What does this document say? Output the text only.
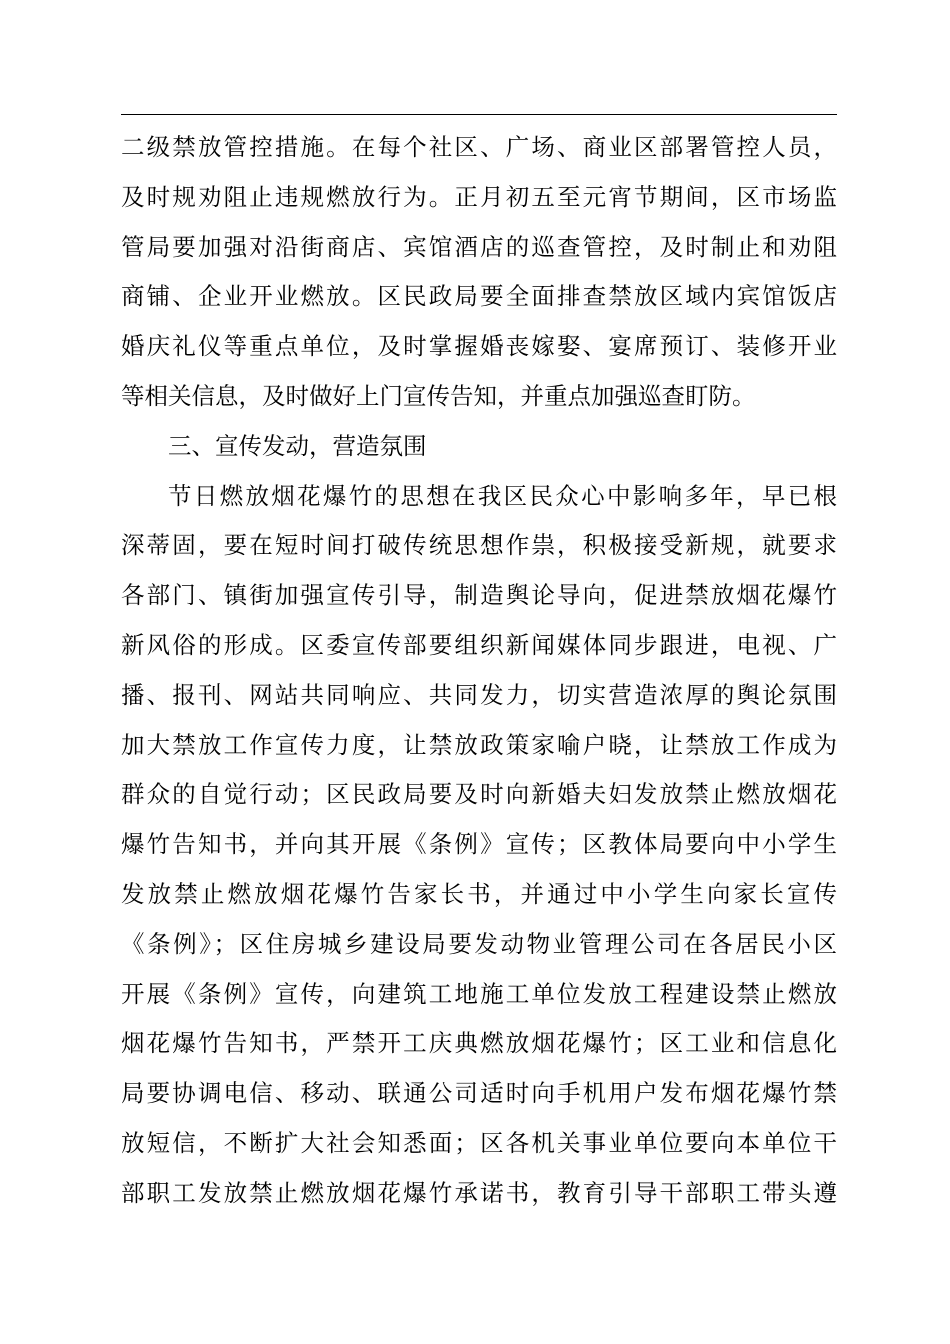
二级禁放管控措施。在每个社区、广场、商业区部署管控人员，
及时规劝阻止违规燃放行为。正月初五至元宵节期间，区市场监
管局要加强对沿街商店、宾馆酒店的巡查管控，及时制止和劝阻
商铺、企业开业燃放。区民政局要全面排查禁放区域内宾馆饭店
婚庆礼仪等重点单位，及时掌握婚丧嫁娶、宴席预订、装修开业
等相关信息，及时做好上门宣传告知，并重点加强巡查盯防。
三、宣传发动，营造氛围
节日燃放烟花爆竹的思想在我区民众心中影响多年，早已根
深蒂固，要在短时间打破传统思想作祟，积极接受新规，就要求
各部门、镇街加强宣传引导，制造舆论导向，促进禁放烟花爆竹
新风俗的形成。区委宣传部要组织新闻媒体同步跟进，电视、广
播、报刊、网站共同响应、共同发力，切实营造浓厚的舆论氛围
加大禁放工作宣传力度，让禁放政策家喻户晓，让禁放工作成为
群众的自觉行动；区民政局要及时向新婚夫妇发放禁止燃放烟花
爆竹告知书，并向其开展《条例》宣传；区教体局要向中小学生
发放禁止燃放烟花爆竹告家长书，并通过中小学生向家长宣传
《条例》；区住房城乡建设局要发动物业管理公司在各居民小区
开展《条例》宣传，向建筑工地施工单位发放工程建设禁止燃放
烟花爆竹告知书，严禁开工庆典燃放烟花爆竹；区工业和信息化
局要协调电信、移动、联通公司适时向手机用户发布烟花爆竹禁
放短信，不断扩大社会知悉面；区各机关事业单位要向本单位干
部职工发放禁止燃放烟花爆竹承诺书，教育引导干部职工带头遵
